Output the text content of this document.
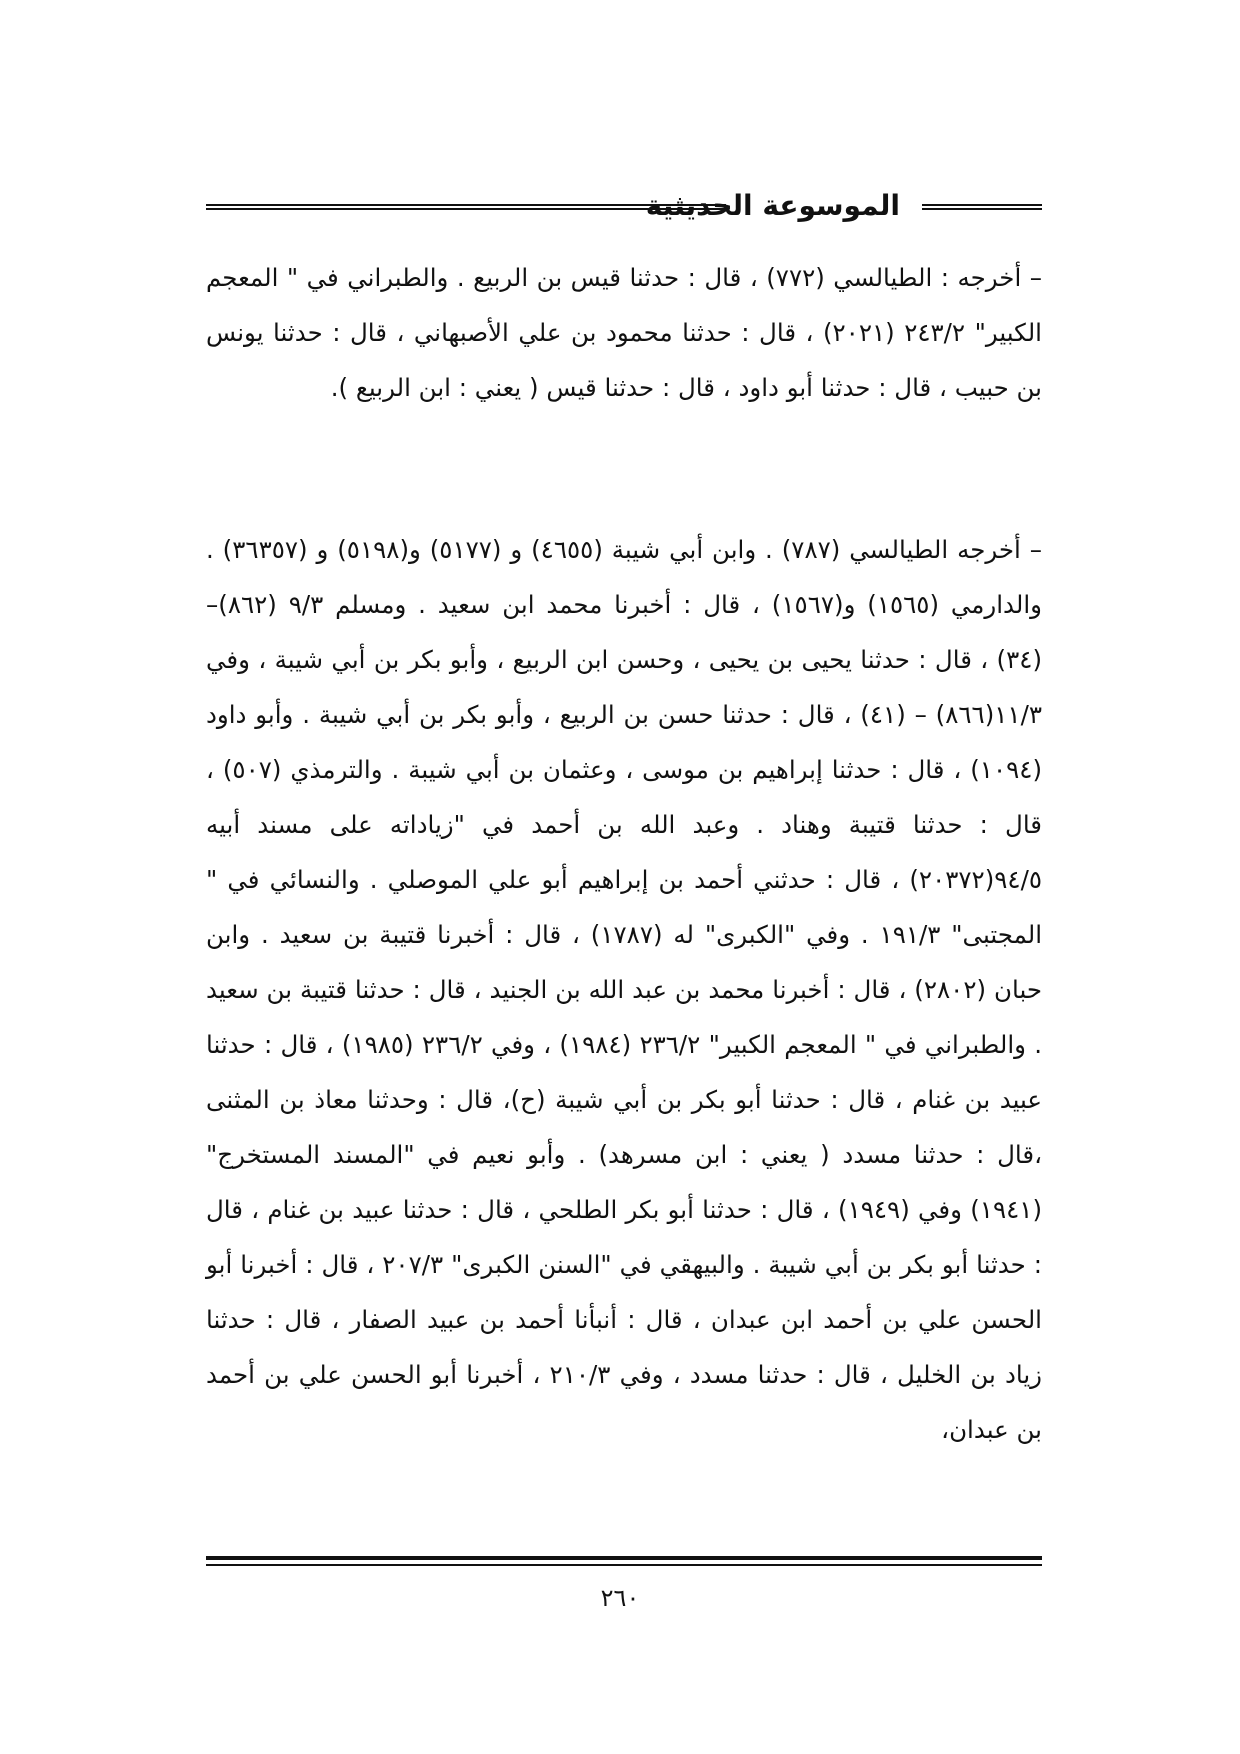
الموسوعة الحديثية

– أخرجه : الطيالسي (٧٧٢) ، قال : حدثنا قيس بن الربيع . والطبراني في " المعجم الكبير" ٢٤٣/٢ (٢٠٢١) ، قال : حدثنا محمود بن علي الأصبهاني ، قال : حدثنا يونس بن حبيب ، قال : حدثنا أبو داود ، قال : حدثنا قيس ( يعني : ابن الربيع ).

– أخرجه الطيالسي (٧٨٧) . وابن أبي شيبة (٤٦٥٥) و (٥١٧٧) و(٥١٩٨) و (٣٦٣٥٧) . والدارمي (١٥٦٥) و(١٥٦٧) ، قال : أخبرنا محمد ابن سعيد . ومسلم ٩/٣ (٨٦٢)– (٣٤) ، قال : حدثنا يحيى بن يحيى ، وحسن ابن الربيع ، وأبو بكر بن أبي شيبة ، وفي ١١/٣(٨٦٦) – (٤١) ، قال : حدثنا حسن بن الربيع ، وأبو بكر بن أبي شيبة . وأبو داود (١٠٩٤) ، قال : حدثنا إبراهيم بن موسى ، وعثمان بن أبي شيبة . والترمذي (٥٠٧) ، قال : حدثنا قتيبة وهناد . وعبد الله بن أحمد في "زياداته على مسند أبيه ٩٤/٥(٢٠٣٧٢) ، قال : حدثني أحمد بن إبراهيم أبو علي الموصلي . والنسائي في " المجتبى" ١٩١/٣ . وفي "الكبرى" له (١٧٨٧) ، قال : أخبرنا قتيبة بن سعيد . وابن حبان (٢٨٠٢) ، قال : أخبرنا محمد بن عبد الله بن الجنيد ، قال : حدثنا قتيبة بن سعيد . والطبراني في " المعجم الكبير" ٢٣٦/٢ (١٩٨٤) ، وفي ٢٣٦/٢ (١٩٨٥) ، قال : حدثنا عبيد بن غنام ، قال : حدثنا أبو بكر بن أبي شيبة (ح)، قال : وحدثنا معاذ بن المثنى ،قال : حدثنا مسدد ( يعني : ابن مسرهد) . وأبو نعيم في "المسند المستخرج" (١٩٤١) وفي (١٩٤٩) ، قال : حدثنا أبو بكر الطلحي ، قال : حدثنا عبيد بن غنام ، قال : حدثنا أبو بكر بن أبي شيبة . والبيهقي في "السنن الكبرى" ٢٠٧/٣ ، قال : أخبرنا أبو الحسن علي بن أحمد ابن عبدان ، قال : أنبأنا أحمد بن عبيد الصفار ، قال : حدثنا زياد بن الخليل ، قال : حدثنا مسدد ، وفي ٢١٠/٣ ، أخبرنا أبو الحسن علي بن أحمد بن عبدان،

٢٦٠
